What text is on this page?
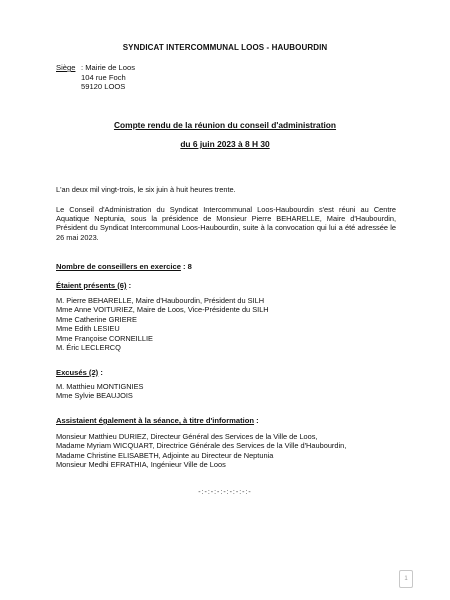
SYNDICAT INTERCOMMUNAL LOOS - HAUBOURDIN
Siège : Mairie de Loos
104 rue Foch
59120 LOOS
Compte rendu de la réunion du conseil d'administration
du 6 juin 2023 à 8 H 30
L'an deux mil vingt-trois, le six juin à huit heures trente.
Le Conseil d'Administration du Syndicat Intercommunal Loos-Haubourdin s'est réuni au Centre Aquatique Neptunia, sous la présidence de Monsieur Pierre BEHARELLE, Maire d'Haubourdin, Président du Syndicat Intercommunal Loos-Haubourdin, suite à la convocation qui lui a été adressée le 26 mai 2023.
Nombre de conseillers en exercice : 8
Étaient présents (6) :
M. Pierre BEHARELLE, Maire d'Haubourdin, Président du SILH
Mme Anne VOITURIEZ, Maire de Loos, Vice-Présidente du SILH
Mme Catherine GRIERE
Mme Edith LESIEU
Mme Françoise CORNEILLIE
M. Éric LECLERCQ
Excusés (2) :
M. Matthieu MONTIGNIES
Mme Sylvie BEAUJOIS
Assistaient également à la séance, à titre d'information :
Monsieur Matthieu DURIEZ, Directeur Général des Services de la Ville de Loos,
Madame Myriam WICQUART, Directrice Générale des Services de la Ville d'Haubourdin,
Madame Christine ELISABETH, Adjointe au Directeur de Neptunia
Monsieur Medhi EFRATHIA, Ingénieur Ville de Loos
-:-:-:-:-:-:-:-:-
1
